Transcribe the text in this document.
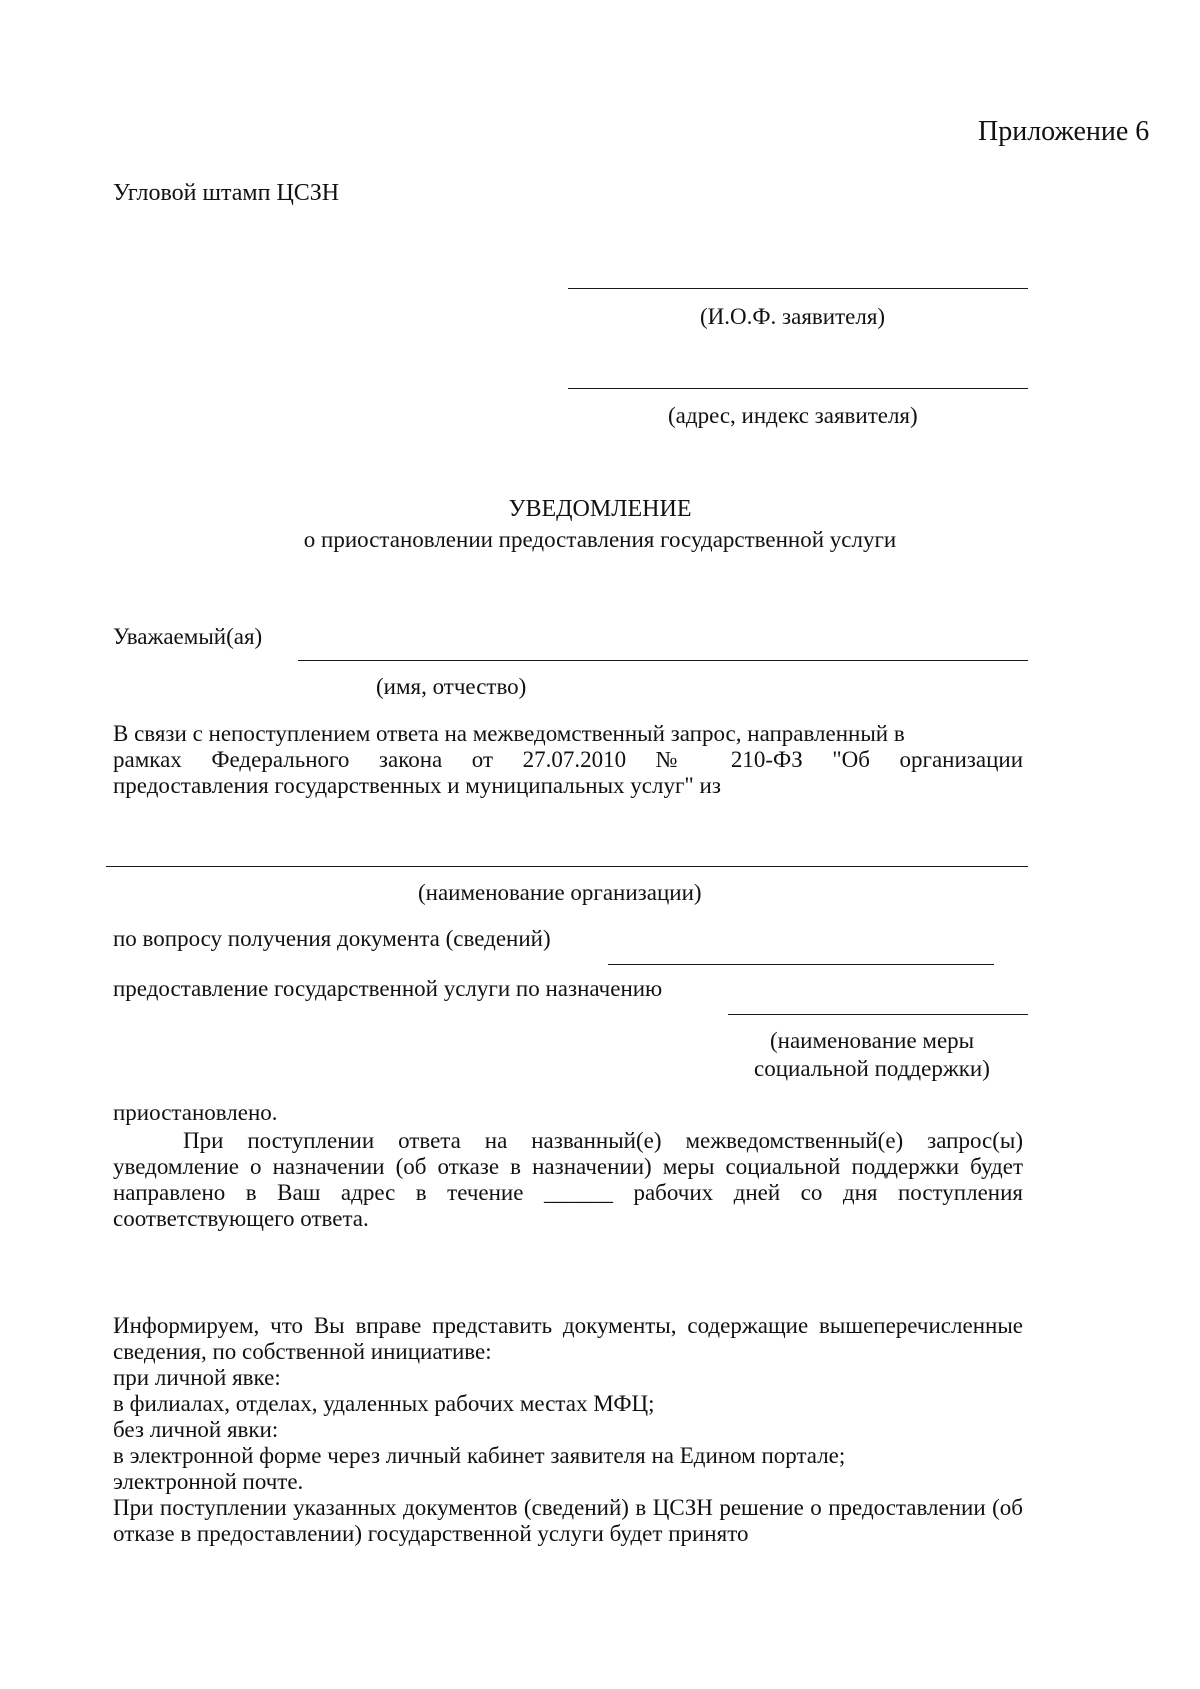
Приложение 6
Угловой штамп ЦСЗН
(И.О.Ф. заявителя)
(адрес, индекс заявителя)
УВЕДОМЛЕНИЕ
о приостановлении предоставления государственной услуги
Уважаемый(ая)
(имя, отчество)
В связи с непоступлением ответа на межведомственный запрос, направленный в
рамках Федерального закона от 27.07.2010 № 210-ФЗ "Об организации
предоставления государственных и муниципальных услуг" из
(наименование организации)
по вопросу получения документа (сведений)
предоставление государственной услуги по назначению
(наименование меры
социальной поддержки)
приостановлено.
При поступлении ответа на названный(е) межведомственный(е) запрос(ы) уведомление о назначении (об отказе в назначении) меры социальной поддержки будет направлено в Ваш адрес в течение ______ рабочих дней со дня поступления соответствующего ответа.
Информируем, что Вы вправе представить документы, содержащие вышеперечисленные сведения, по собственной инициативе:
при личной явке:
в филиалах, отделах, удаленных рабочих местах МФЦ;
без личной явки:
в электронной форме через личный кабинет заявителя на Едином портале;
электронной почте.
При поступлении указанных документов (сведений) в ЦСЗН решение о предоставлении (об отказе в предоставлении) государственной услуги будет принято
